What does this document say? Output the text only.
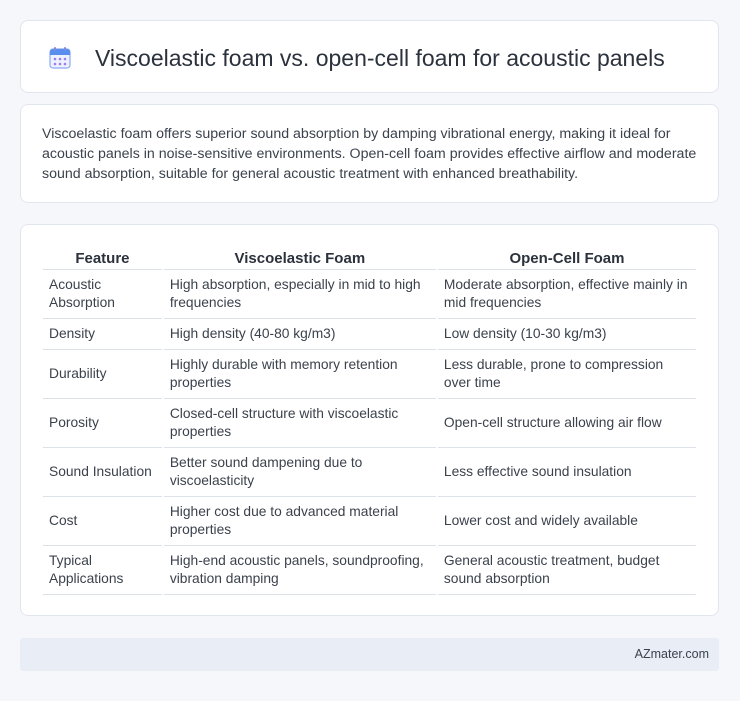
Viscoelastic foam vs. open-cell foam for acoustic panels

Viscoelastic foam offers superior sound absorption by damping vibrational energy, making it ideal for acoustic panels in noise-sensitive environments. Open-cell foam provides effective airflow and moderate sound absorption, suitable for general acoustic treatment with enhanced breathability.

Feature	Viscoelastic Foam	Open-Cell Foam
Acoustic Absorption	High absorption, especially in mid to high frequencies	Moderate absorption, effective mainly in mid frequencies
Density	High density (40-80 kg/m3)	Low density (10-30 kg/m3)
Durability	Highly durable with memory retention properties	Less durable, prone to compression over time
Porosity	Closed-cell structure with viscoelastic properties	Open-cell structure allowing air flow
Sound Insulation	Better sound dampening due to viscoelasticity	Less effective sound insulation
Cost	Higher cost due to advanced material properties	Lower cost and widely available
Typical Applications	High-end acoustic panels, soundproofing, vibration damping	General acoustic treatment, budget sound absorption
AZmater.com
